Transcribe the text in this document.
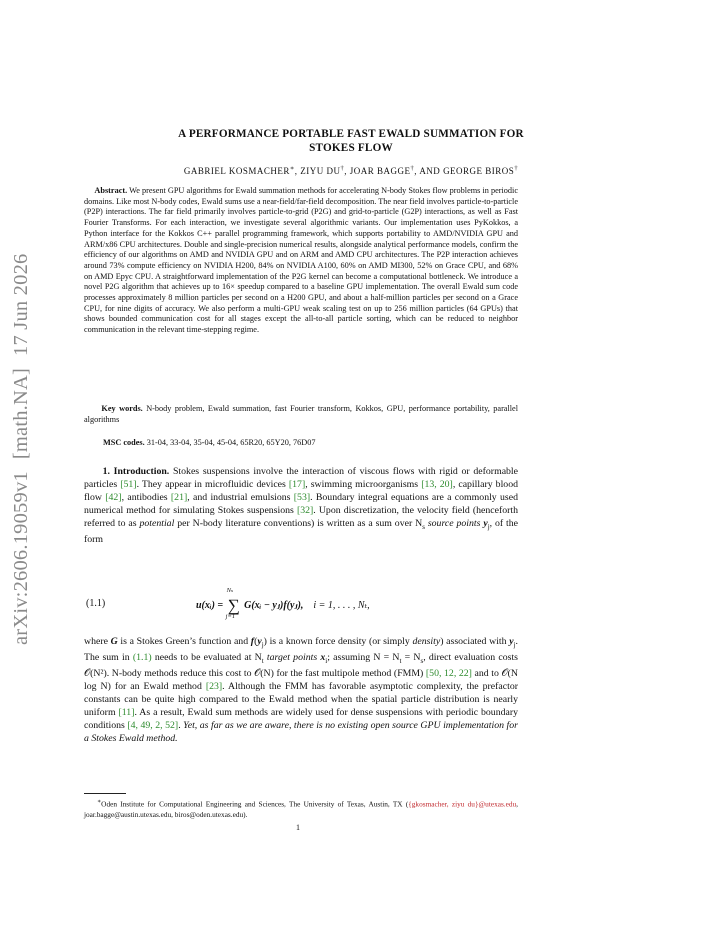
arXiv:2606.19059v1[math.NA]17 Jun 2026
A PERFORMANCE PORTABLE FAST EWALD SUMMATION FOR
STOKES FLOW
GABRIEL KOSMACHER∗, ZIYU DU†, JOAR BAGGE†, AND GEORGE BIROS†
Abstract. We present GPU algorithms for Ewald summation methods for accelerating N-body Stokes flow problems in periodic domains. Like most N-body codes, Ewald sums use a near-field/far-field decomposition. The near field involves particle-to-particle (P2P) interactions. The far field primarily involves particle-to-grid (P2G) and grid-to-particle (G2P) interactions, as well as Fast Fourier Transforms. For each interaction, we investigate several algorithmic variants. Our implementation uses PyKokkos, a Python interface for the Kokkos C++ parallel programming framework, which supports portability to AMD/NVIDIA GPU and ARM/x86 CPU architectures. Double and single-precision numerical results, alongside analytical performance models, confirm the efficiency of our algorithms on AMD and NVIDIA GPU and on ARM and AMD CPU architectures. The P2P interaction achieves around 73% compute efficiency on NVIDIA H200, 84% on NVIDIA A100, 60% on AMD MI300, 52% on Grace CPU, and 68% on AMD Epyc CPU. A straightforward implementation of the P2G kernel can become a computational bottleneck. We introduce a novel P2G algorithm that achieves up to 16× speedup compared to a baseline GPU implementation. The overall Ewald sum code processes approximately 8 million particles per second on a H200 GPU, and about a half-million particles per second on a Grace CPU, for nine digits of accuracy. We also perform a multi-GPU weak scaling test on up to 256 million particles (64 GPUs) that shows bounded communication cost for all stages except the all-to-all particle sorting, which can be reduced to neighbor communication in the relevant time-stepping regime.
Key words. N-body problem, Ewald summation, fast Fourier transform, Kokkos, GPU, performance portability, parallel algorithms
MSC codes. 31-04, 33-04, 35-04, 45-04, 65R20, 65Y20, 76D07
1. Introduction. Stokes suspensions involve the interaction of viscous flows with rigid or deformable particles [51]. They appear in microfluidic devices [17], swimming microorganisms [13, 20], capillary blood flow [42], antibodies [21], and industrial emulsions [53]. Boundary integral equations are a commonly used numerical method for simulating Stokes suspensions [32]. Upon discretization, the velocity field (henceforth referred to as potential per N-body literature conventions) is written as a sum over $N_s$ source points $y_j$, of the form
(1.1)	u(xᵢ) =
Nₛ
∑
j=1
G(xᵢ − yⱼ)f(yⱼ), i = 1, . . . , Nₜ,
where G is a Stokes Green’s function and $f(y_j)$ is a known force density (or simply density) associated with $y_j$. The sum in (1.1) needs to be evaluated at $N_t$ target points $x_i$; assuming $N = N_t = N_s$, direct evaluation costs 𝒪(N²). N-body methods reduce this cost to 𝒪(N) for the fast multipole method (FMM) [50, 12, 22] and to 𝒪(N log N) for an Ewald method [23]. Although the FMM has favorable asymptotic complexity, the prefactor constants can be quite high compared to the Ewald method when the spatial particle distribution is nearly uniform [11]. As a result, Ewald sum methods are widely used for dense suspensions with periodic boundary conditions [4, 49, 2, 52]. Yet, as far as we are aware, there is no existing open source GPU implementation for a Stokes Ewald method.
∗Oden Institute for Computational Engineering and Sciences, The University of Texas, Austin, TX ({gkosmacher, ziyu du}@utexas.edu, joar.bagge@austin.utexas.edu, biros@oden.utexas.edu).
1
